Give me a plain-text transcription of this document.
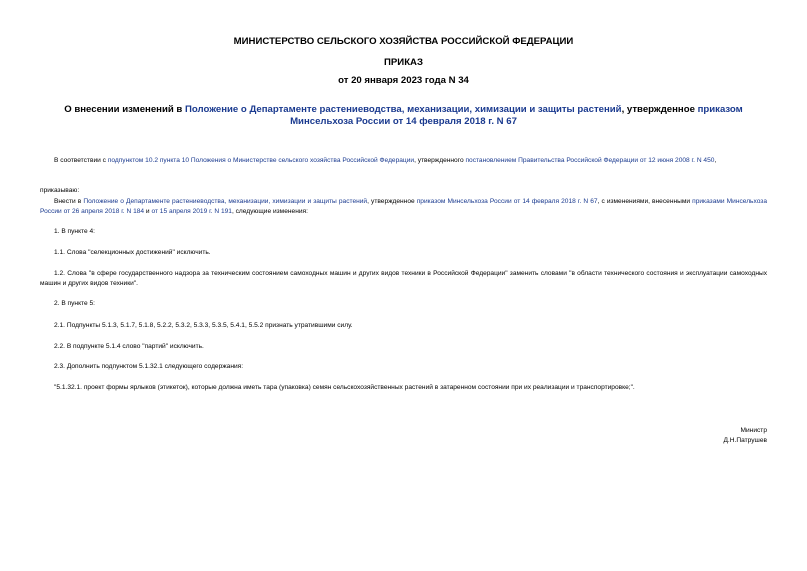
МИНИСТЕРСТВО СЕЛЬСКОГО ХОЗЯЙСТВА РОССИЙСКОЙ ФЕДЕРАЦИИ
ПРИКАЗ
от 20 января 2023 года N 34
О внесении изменений в Положение о Департаменте растениеводства, механизации, химизации и защиты растений, утвержденное приказом Минсельхоза России от 14 февраля 2018 г. N 67
В соответствии с подпунктом 10.2 пункта 10 Положения о Министерстве сельского хозяйства Российской Федерации, утвержденного постановлением Правительства Российской Федерации от 12 июня 2008 г. N 450,
приказываю:
Внести в Положение о Департаменте растениеводства, механизации, химизации и защиты растений, утвержденное приказом Минсельхоза России от 14 февраля 2018 г. N 67, с изменениями, внесенными приказами Минсельхоза России от 26 апреля 2018 г. N 184 и от 15 апреля 2019 г. N 191, следующие изменения:
1. В пункте 4:
1.1. Слова "селекционных достижений" исключить.
1.2. Слова "в сфере государственного надзора за техническим состоянием самоходных машин и других видов техники в Российской Федерации" заменить словами "в области технического состояния и эксплуатации самоходных машин и других видов техники".
2. В пункте 5:
2.1. Подпункты 5.1.3, 5.1.7, 5.1.8, 5.2.2, 5.3.2, 5.3.3, 5.3.5, 5.4.1, 5.5.2 признать утратившими силу.
2.2. В подпункте 5.1.4 слово "партий" исключить.
2.3. Дополнить подпунктом 5.1.32.1 следующего содержания:
"5.1.32.1. проект формы ярлыков (этикеток), которые должна иметь тара (упаковка) семян сельскохозяйственных растений в затаренном состоянии при их реализации и транспортировке;".
Министр
Д.Н.Патрушев
